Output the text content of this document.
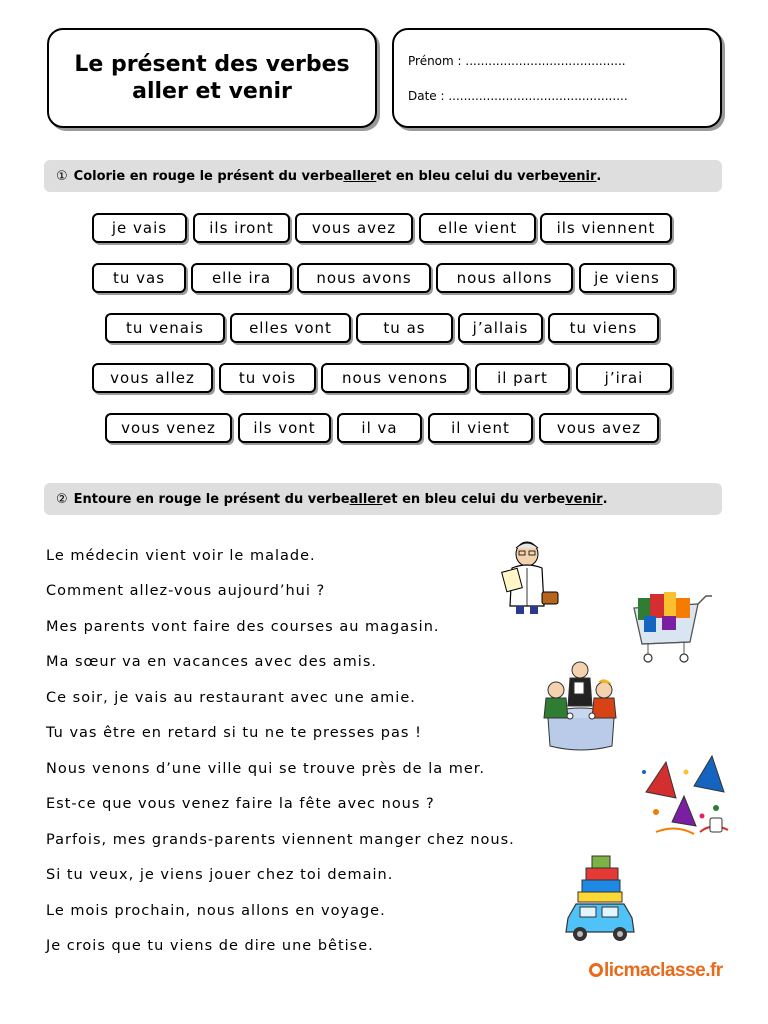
Le présent des verbes
aller et venir
Prénom : ..........................................
Date : ...............................................
① Colorie en rouge le présent du verbe aller et en bleu celui du verbe venir .
je vais	ils iront	vous avez	elle vient	ils viennent
tu vas	elle ira	nous avons	nous allons	je viens
tu venais	elles vont	tu as	j’allais	tu viens
vous allez	tu vois	nous venons	il part	j’irai
vous venez	ils vont	il va	il vient	vous avez
② Entoure en rouge le présent du verbe aller et en bleu celui du verbe venir .
Le médecin vient voir le malade.
Comment allez-vous aujourd’hui ?
Mes parents vont faire des courses au magasin.
Ma sœur va en vacances avec des amis.
Ce soir, je vais au restaurant avec une amie.
Tu vas être en retard si tu ne te presses pas !
Nous venons d’une ville qui se trouve près de la mer.
Est-ce que vous venez faire la fête avec nous ?
Parfois, mes grands-parents viennent manger chez nous.
Si tu veux, je viens jouer chez toi demain.
Le mois prochain, nous allons en voyage.
Je crois que tu viens de dire une bêtise.
licmaclasse.fr
